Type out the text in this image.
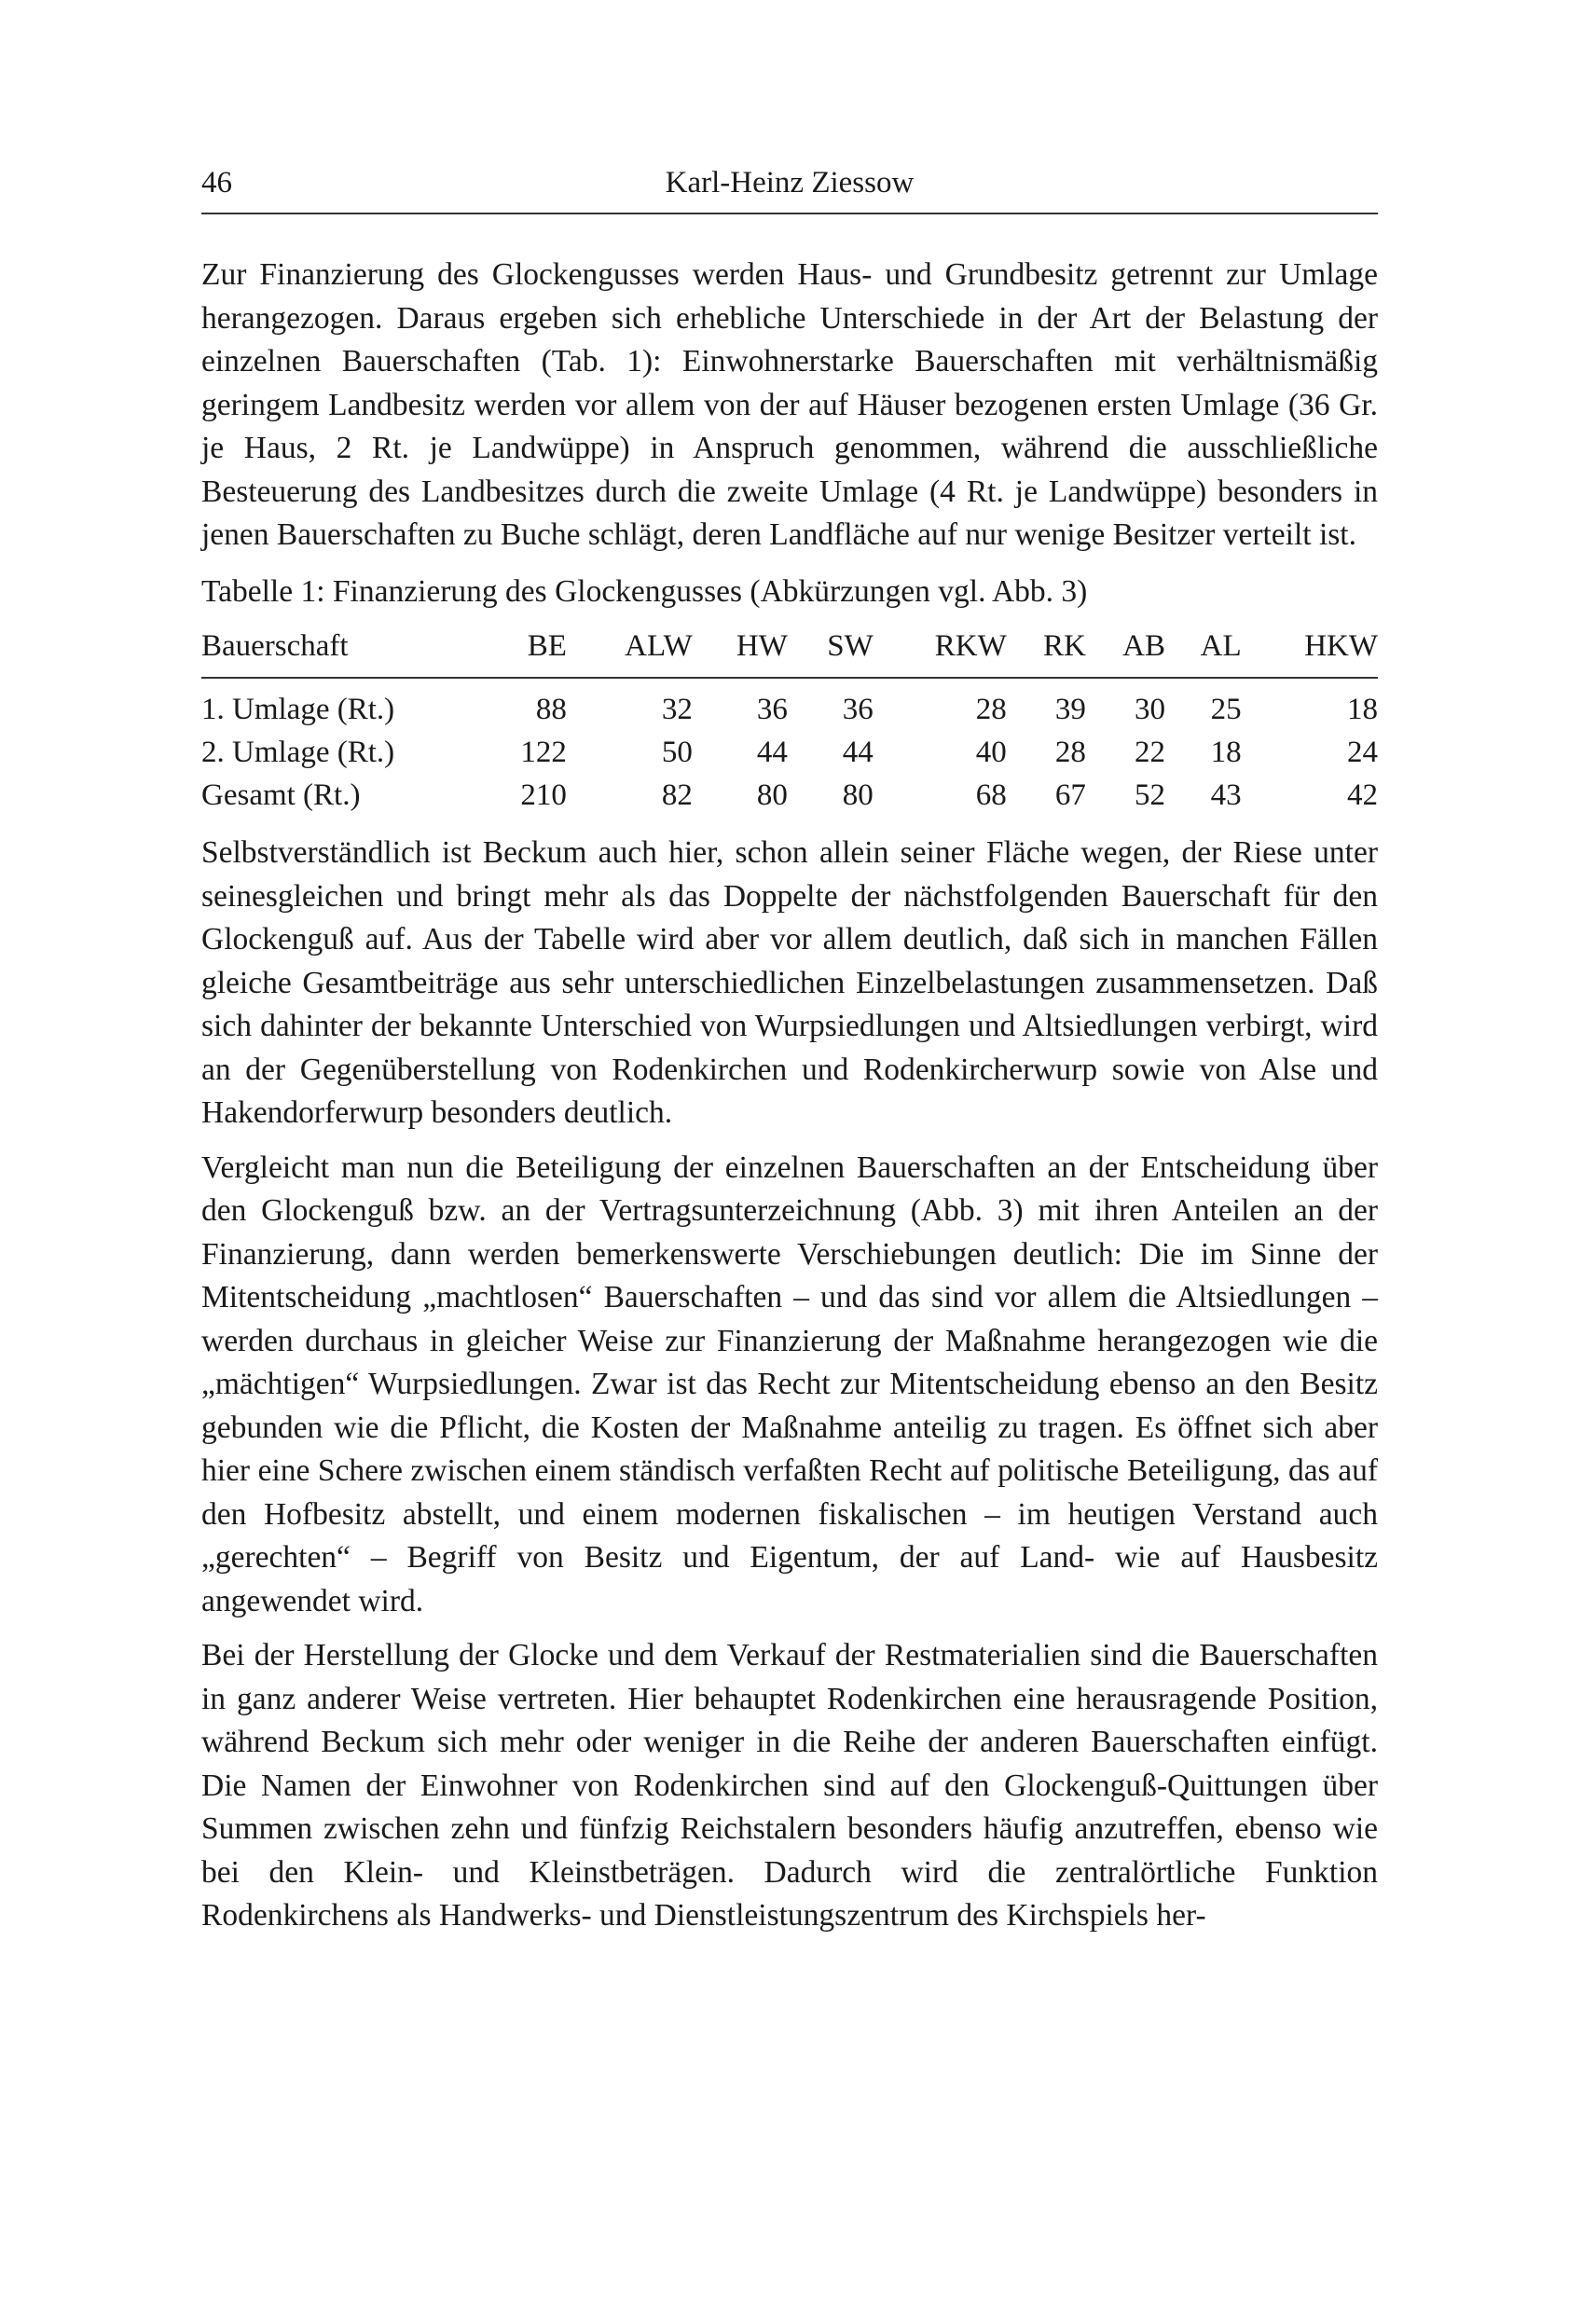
46	Karl-Heinz Ziessow

Zur Finanzierung des Glockengusses werden Haus- und Grundbesitz getrennt zur Umlage herangezogen. Daraus ergeben sich erhebliche Unterschiede in der Art der Belastung der einzelnen Bauerschaften (Tab. 1): Einwohnerstarke Bauerschaften mit verhältnismäßig geringem Landbesitz werden vor allem von der auf Häuser bezogenen ersten Umlage (36 Gr. je Haus, 2 Rt. je Landwüppe) in Anspruch genommen, während die ausschließliche Besteuerung des Landbesitzes durch die zweite Umlage (4 Rt. je Landwüppe) besonders in jenen Bauerschaften zu Buche schlägt, deren Landfläche auf nur wenige Besitzer verteilt ist.

Tabelle 1: Finanzierung des Glockengusses (Abkürzungen vgl. Abb. 3)

Bauerschaft	BE	ALW	HW	SW	RKW	RK	AB	AL	HKW
1. Umlage (Rt.)	88	32	36	36	28	39	30	25	18
2. Umlage (Rt.)	122	50	44	44	40	28	22	18	24
Gesamt (Rt.)	210	82	80	80	68	67	52	43	42

Selbstverständlich ist Beckum auch hier, schon allein seiner Fläche wegen, der Riese unter seinesgleichen und bringt mehr als das Doppelte der nächstfolgenden Bauerschaft für den Glockenguß auf. Aus der Tabelle wird aber vor allem deutlich, daß sich in manchen Fällen gleiche Gesamtbeiträge aus sehr unterschiedlichen Einzelbelastungen zusammensetzen. Daß sich dahinter der bekannte Unterschied von Wurpsiedlungen und Altsiedlungen verbirgt, wird an der Gegenüberstellung von Rodenkirchen und Rodenkircherwurp sowie von Alse und Hakendorferwurp besonders deutlich.

Vergleicht man nun die Beteiligung der einzelnen Bauerschaften an der Entscheidung über den Glockenguß bzw. an der Vertragsunterzeichnung (Abb. 3) mit ihren Anteilen an der Finanzierung, dann werden bemerkenswerte Verschiebungen deutlich: Die im Sinne der Mitentscheidung „machtlosen“ Bauerschaften – und das sind vor allem die Altsiedlungen – werden durchaus in gleicher Weise zur Finanzierung der Maßnahme herangezogen wie die „mächtigen“ Wurpsiedlungen. Zwar ist das Recht zur Mitentscheidung ebenso an den Besitz gebunden wie die Pflicht, die Kosten der Maßnahme anteilig zu tragen. Es öffnet sich aber hier eine Schere zwischen einem ständisch verfaßten Recht auf politische Beteiligung, das auf den Hofbesitz abstellt, und einem modernen fiskalischen – im heutigen Verstand auch „gerechten“ – Begriff von Besitz und Eigentum, der auf Land- wie auf Hausbesitz angewendet wird.

Bei der Herstellung der Glocke und dem Verkauf der Restmaterialien sind die Bauerschaften in ganz anderer Weise vertreten. Hier behauptet Rodenkirchen eine herausragende Position, während Beckum sich mehr oder weniger in die Reihe der anderen Bauerschaften einfügt. Die Namen der Einwohner von Rodenkirchen sind auf den Glockenguß-Quittungen über Summen zwischen zehn und fünfzig Reichstalern besonders häufig anzutreffen, ebenso wie bei den Klein- und Kleinstbeträgen. Dadurch wird die zentralörtliche Funktion Rodenkirchens als Handwerks- und Dienstleistungszentrum des Kirchspiels her-
